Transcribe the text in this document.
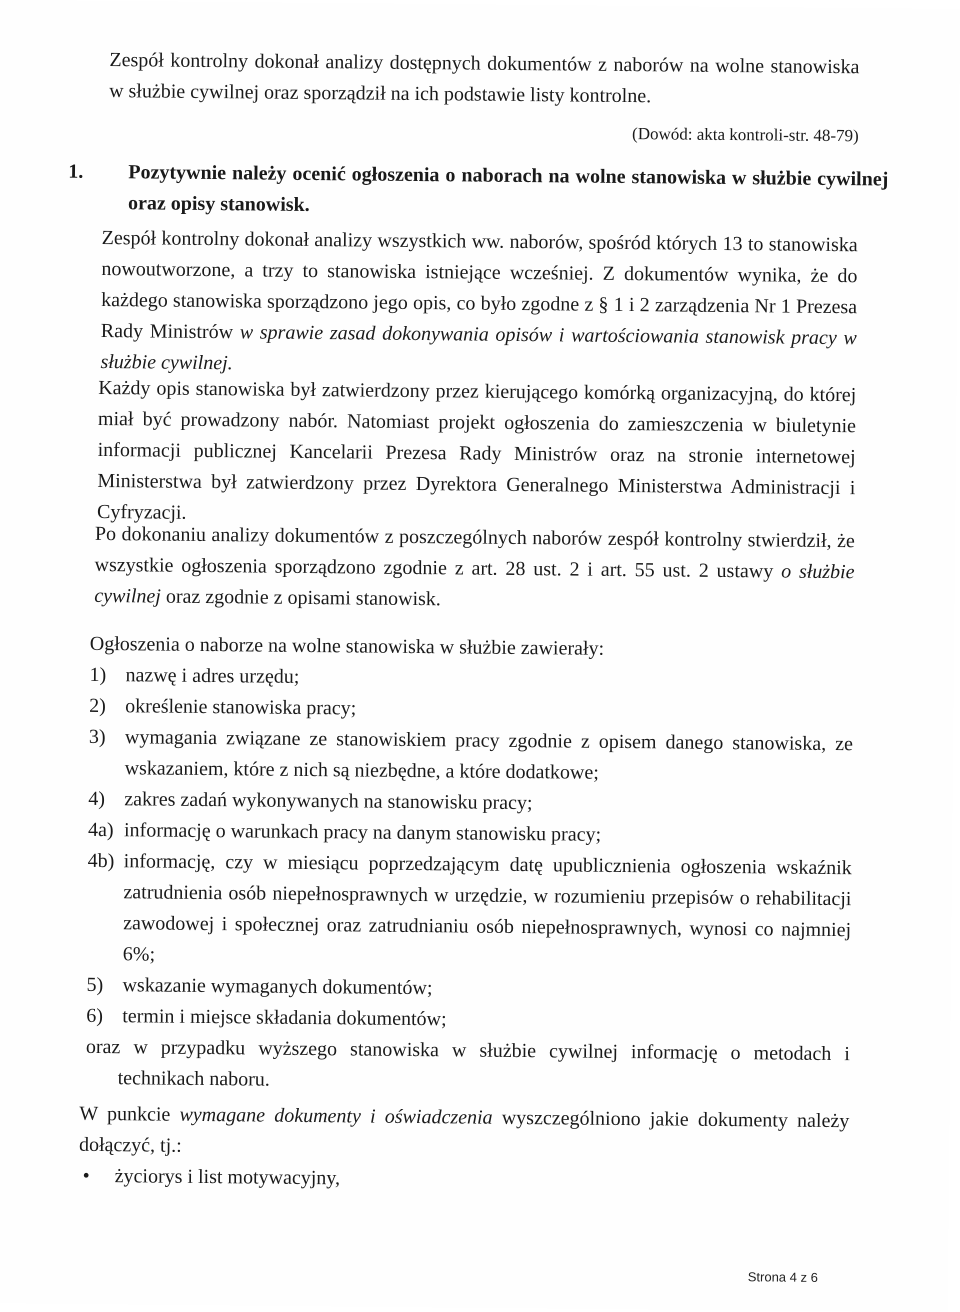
Zespół kontrolny dokonał analizy dostępnych dokumentów z naborów na wolne stanowiska w służbie cywilnej oraz sporządził na ich podstawie listy kontrolne.
(Dowód: akta kontroli-str. 48-79)
1. Pozytywnie należy ocenić ogłoszenia o naborach na wolne stanowiska w służbie cywilnej oraz opisy stanowisk.
Zespół kontrolny dokonał analizy wszystkich ww. naborów, spośród których 13 to stanowiska nowoutworzone, a trzy to stanowiska istniejące wcześniej. Z dokumentów wynika, że do każdego stanowiska sporządzono jego opis, co było zgodne z § 1 i 2 zarządzenia Nr 1 Prezesa Rady Ministrów w sprawie zasad dokonywania opisów i wartościowania stanowisk pracy w służbie cywilnej.
Każdy opis stanowiska był zatwierdzony przez kierującego komórką organizacyjną, do której miał być prowadzony nabór. Natomiast projekt ogłoszenia do zamieszczenia w biuletynie informacji publicznej Kancelarii Prezesa Rady Ministrów oraz na stronie internetowej Ministerstwa był zatwierdzony przez Dyrektora Generalnego Ministerstwa Administracji i Cyfryzacji.
Po dokonaniu analizy dokumentów z poszczególnych naborów zespół kontrolny stwierdził, że wszystkie ogłoszenia sporządzono zgodnie z art. 28 ust. 2 i art. 55 ust. 2 ustawy o służbie cywilnej oraz zgodnie z opisami stanowisk.
Ogłoszenia o naborze na wolne stanowiska w służbie zawierały:
1) nazwę i adres urzędu;
2) określenie stanowiska pracy;
3) wymagania związane ze stanowiskiem pracy zgodnie z opisem danego stanowiska, ze wskazaniem, które z nich są niezbędne, a które dodatkowe;
4) zakres zadań wykonywanych na stanowisku pracy;
4a) informację o warunkach pracy na danym stanowisku pracy;
4b) informację, czy w miesiącu poprzedzającym datę upublicznienia ogłoszenia wskaźnik zatrudnienia osób niepełnosprawnych w urzędzie, w rozumieniu przepisów o rehabilitacji zawodowej i społecznej oraz zatrudnianiu osób niepełnosprawnych, wynosi co najmniej 6%;
5) wskazanie wymaganych dokumentów;
6) termin i miejsce składania dokumentów;
oraz w przypadku wyższego stanowiska w służbie cywilnej informację o metodach i technikach naboru.
W punkcie wymagane dokumenty i oświadczenia wyszczególniono jakie dokumenty należy dołączyć, tj.:
•	życiorys i list motywacyjny,
Strona 4 z 6
